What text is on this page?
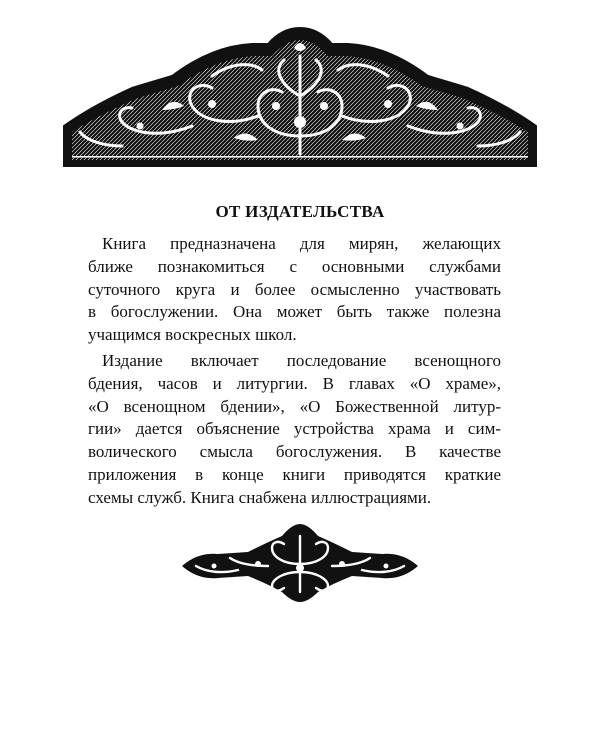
ОТ ИЗДАТЕЛЬСТВА
Книга предназначена для мирян, желающих
ближе познакомиться с основными службами
суточного круга и более осмысленно участвовать
в богослужении. Она может быть также полезна
учащимся воскресных школ.
Издание включает последование всенощного
бдения, часов и литургии. В главах «О храме»,
«О всенощном бдении», «О Божественной литур-
гии» дается объяснение устройства храма и сим-
волического смысла богослужения. В качестве
приложения в конце книги приводятся краткие
схемы служб. Книга снабжена иллюстрациями.
